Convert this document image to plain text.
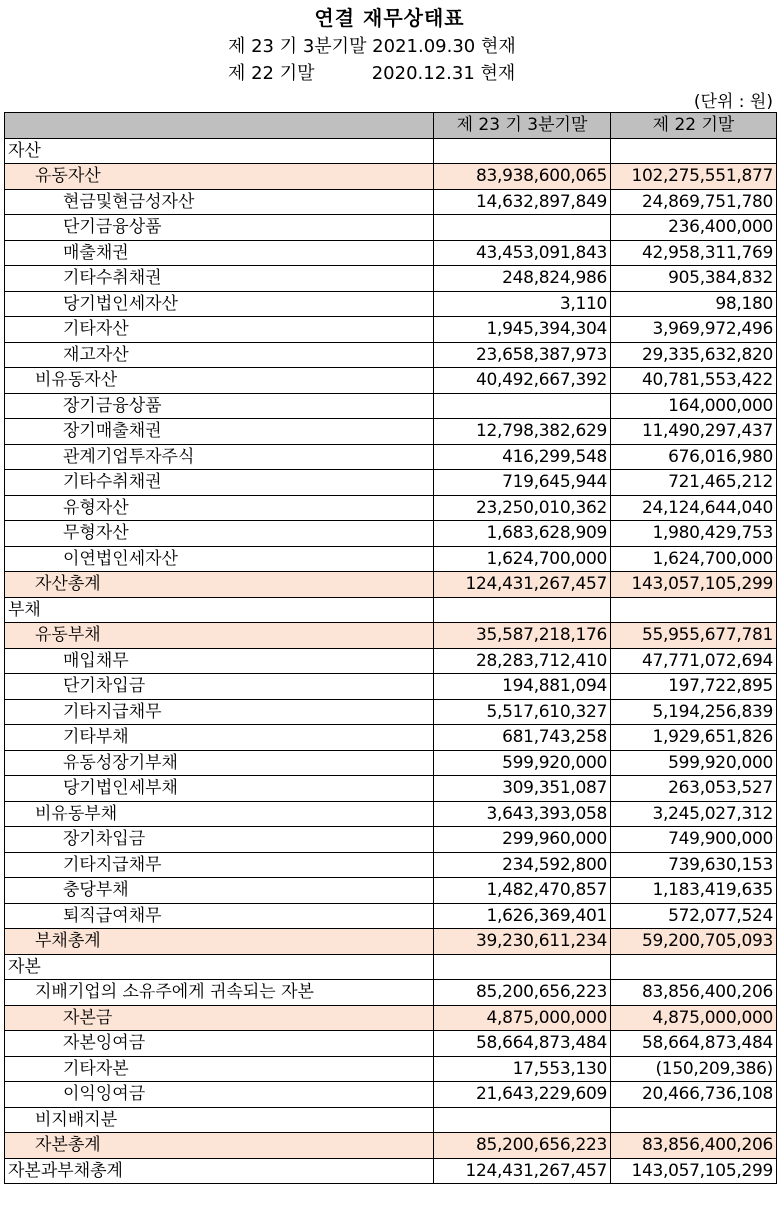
연결 재무상태표
제 23 기 3분기말 2021.09.30 현재
제 22 기말          2020.12.31 현재
(단위 : 원)
	제 23 기 3분기말	제 22 기말
자산		
유동자산	83,938,600,065	102,275,551,877
현금및현금성자산	14,632,897,849	24,869,751,780
단기금융상품		236,400,000
매출채권	43,453,091,843	42,958,311,769
기타수취채권	248,824,986	905,384,832
당기법인세자산	3,110	98,180
기타자산	1,945,394,304	3,969,972,496
재고자산	23,658,387,973	29,335,632,820
비유동자산	40,492,667,392	40,781,553,422
장기금융상품		164,000,000
장기매출채권	12,798,382,629	11,490,297,437
관계기업투자주식	416,299,548	676,016,980
기타수취채권	719,645,944	721,465,212
유형자산	23,250,010,362	24,124,644,040
무형자산	1,683,628,909	1,980,429,753
이연법인세자산	1,624,700,000	1,624,700,000
자산총계	124,431,267,457	143,057,105,299
부채		
유동부채	35,587,218,176	55,955,677,781
매입채무	28,283,712,410	47,771,072,694
단기차입금	194,881,094	197,722,895
기타지급채무	5,517,610,327	5,194,256,839
기타부채	681,743,258	1,929,651,826
유동성장기부채	599,920,000	599,920,000
당기법인세부채	309,351,087	263,053,527
비유동부채	3,643,393,058	3,245,027,312
장기차입금	299,960,000	749,900,000
기타지급채무	234,592,800	739,630,153
충당부채	1,482,470,857	1,183,419,635
퇴직급여채무	1,626,369,401	572,077,524
부채총계	39,230,611,234	59,200,705,093
자본		
지배기업의 소유주에게 귀속되는 자본	85,200,656,223	83,856,400,206
자본금	4,875,000,000	4,875,000,000
자본잉여금	58,664,873,484	58,664,873,484
기타자본	17,553,130	(150,209,386)
이익잉여금	21,643,229,609	20,466,736,108
비지배지분		
자본총계	85,200,656,223	83,856,400,206
자본과부채총계	124,431,267,457	143,057,105,299
